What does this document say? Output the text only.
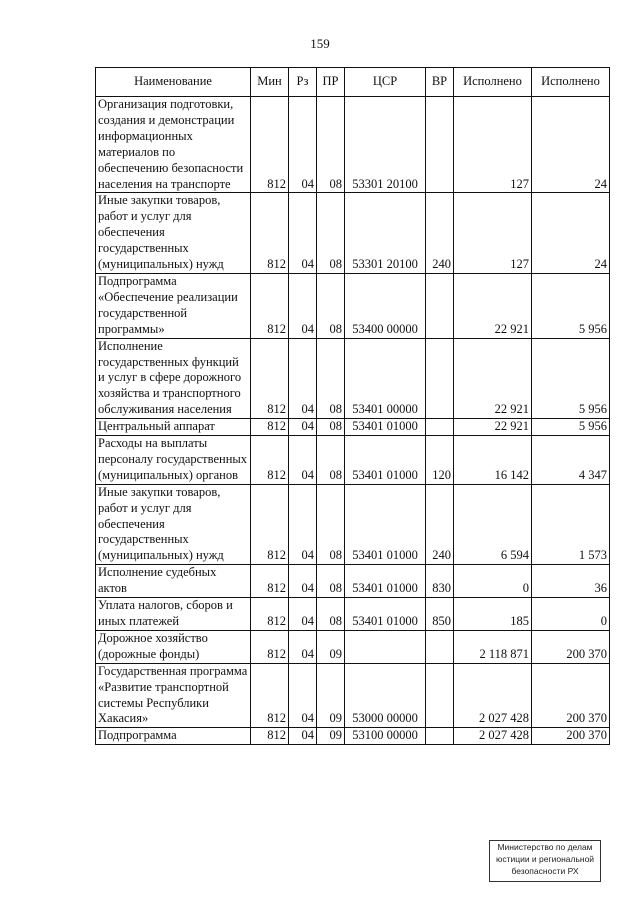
159
Наименование	Мин	Рз	ПР	ЦСР	ВР	Исполнено	Исполнено
Организация подготовки, создания и демонстрации информационных материалов по обеспечению безопасности населения на транспорте	812	04	08	53301 20100		127	24
Иные закупки товаров, работ и услуг для обеспечения государственных (муниципальных) нужд	812	04	08	53301 20100	240	127	24
Подпрограмма «Обеспечение реализации государственной программы»	812	04	08	53400 00000		22 921	5 956
Исполнение государственных функций и услуг в сфере дорожного хозяйства и транспортного обслуживания населения	812	04	08	53401 00000		22 921	5 956
Центральный аппарат	812	04	08	53401 01000		22 921	5 956
Расходы на выплаты персоналу государственных (муниципальных) органов	812	04	08	53401 01000	120	16 142	4 347
Иные закупки товаров, работ и услуг для обеспечения государственных (муниципальных) нужд	812	04	08	53401 01000	240	6 594	1 573
Исполнение судебных актов	812	04	08	53401 01000	830	0	36
Уплата налогов, сборов и иных платежей	812	04	08	53401 01000	850	185	0
Дорожное хозяйство (дорожные фонды)	812	04	09			2 118 871	200 370
Государственная программа «Развитие транспортной системы Республики Хакасия»	812	04	09	53000 00000		2 027 428	200 370
Подпрограмма	812	04	09	53100 00000		2 027 428	200 370
Министерство по делам
юстиции и региональной
безопасности РХ
